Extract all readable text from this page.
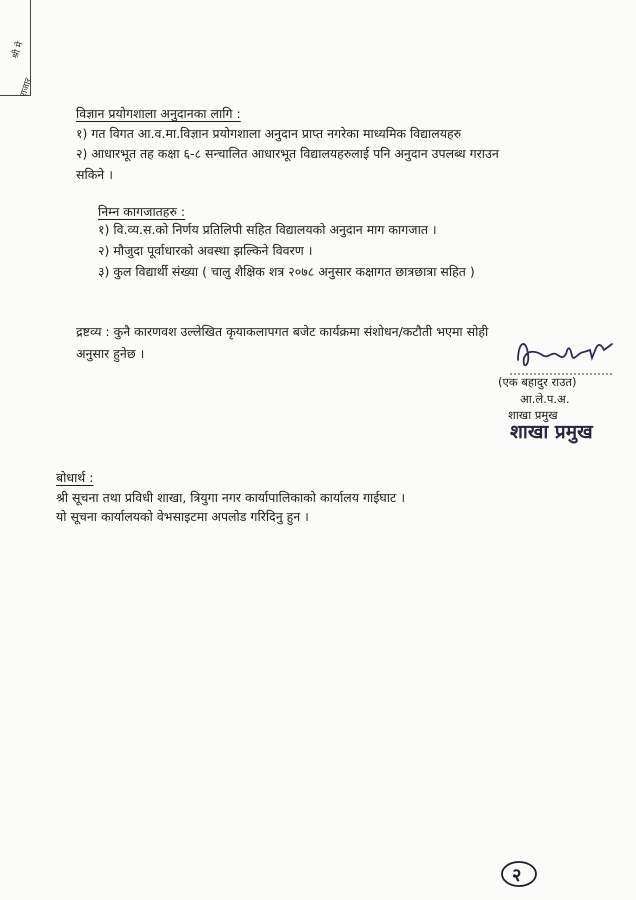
श्री मे
राजार
विज्ञान प्रयोगशाला अनुदानका लागि :
१) गत विगत आ.व.मा.विज्ञान प्रयोगशाला अनुदान प्राप्त नगरेका माध्यमिक विद्यालयहरु
२) आधारभूत तह कक्षा ६-८ सन्चालित आधारभूत विद्यालयहरुलाई पनि अनुदान उपलब्ध गराउन
सकिने ।
निम्न कागजातहरु :
१) वि.व्य.स.को निर्णय प्रतिलिपी सहित विद्यालयको अनुदान माग कागजात ।
२) मौजुदा पूर्वाधारको अवस्था झल्किने विवरण ।
३) कुल विद्यार्थी संख्या ( चालु शैक्षिक शत्र २०७८ अनुसार कक्षागत छात्रछात्रा सहित )
द्रष्टव्य : कुनै कारणवश उल्लेखित कृयाकलापगत बजेट कार्यक्रमा संशोधन/कटौती भएमा सोही
अनुसार हुनेछ ।
(एक बहादुर राउत)
आ.ले.प.अ.
शाखा प्रमुख
शाखा प्रमुख
बोधार्थ :
श्री सूचना तथा प्रविधी शाखा, त्रियुगा नगर कार्यापालिकाको कार्यालय गाईघाट ।
यो सूचना कार्यालयको वेभसाइटमा अपलोड गरिदिनु हुन ।
२
